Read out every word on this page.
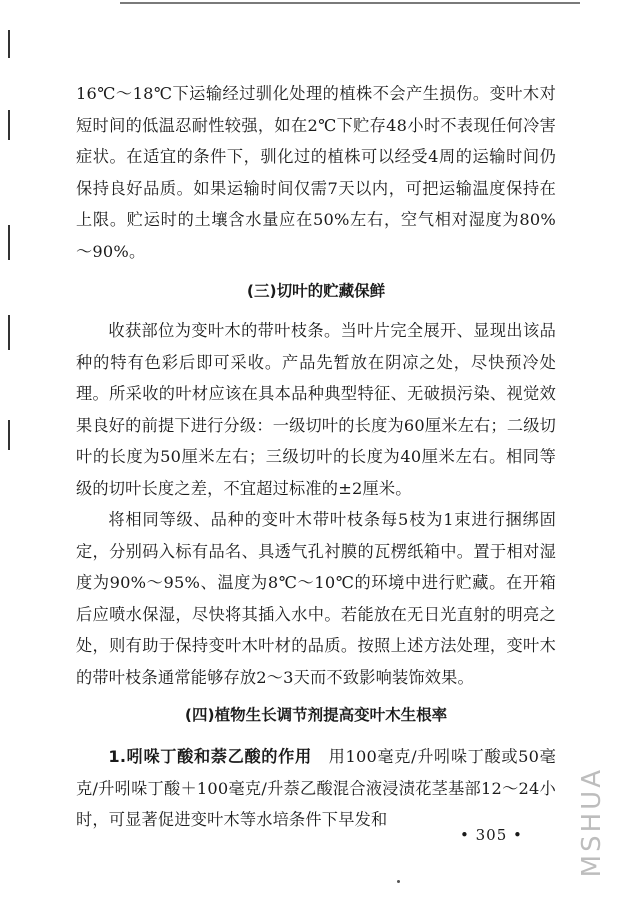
16℃～18℃下运输经过驯化处理的植株不会产生损伤。变叶木对短时间的低温忍耐性较强，如在2℃下贮存48小时不表现任何冷害症状。在适宜的条件下，驯化过的植株可以经受4周的运输时间仍保持良好品质。如果运输时间仅需7天以内，可把运输温度保持在上限。贮运时的土壤含水量应在50%左右，空气相对湿度为80%～90%。

(三)切叶的贮藏保鲜

收获部位为变叶木的带叶枝条。当叶片完全展开、显现出该品种的特有色彩后即可采收。产品先暂放在阴凉之处，尽快预冷处理。所采收的叶材应该在具本品种典型特征、无破损污染、视觉效果良好的前提下进行分级：一级切叶的长度为60厘米左右；二级切叶的长度为50厘米左右；三级切叶的长度为40厘米左右。相同等级的切叶长度之差，不宜超过标准的±2厘米。

将相同等级、品种的变叶木带叶枝条每5枝为1束进行捆绑固定，分别码入标有品名、具透气孔衬膜的瓦楞纸箱中。置于相对湿度为90%～95%、温度为8℃～10℃的环境中进行贮藏。在开箱后应喷水保湿，尽快将其插入水中。若能放在无日光直射的明亮之处，则有助于保持变叶木叶材的品质。按照上述方法处理，变叶木的带叶枝条通常能够存放2～3天而不致影响装饰效果。

(四)植物生长调节剂提高变叶木生根率

1.吲哚丁酸和萘乙酸的作用　 用100毫克/升吲哚丁酸或50毫克/升吲哚丁酸＋100毫克/升萘乙酸混合液浸渍花茎基部12～24小时，可显著促进变叶木等水培条件下早发和

• 305 • MSHUA
